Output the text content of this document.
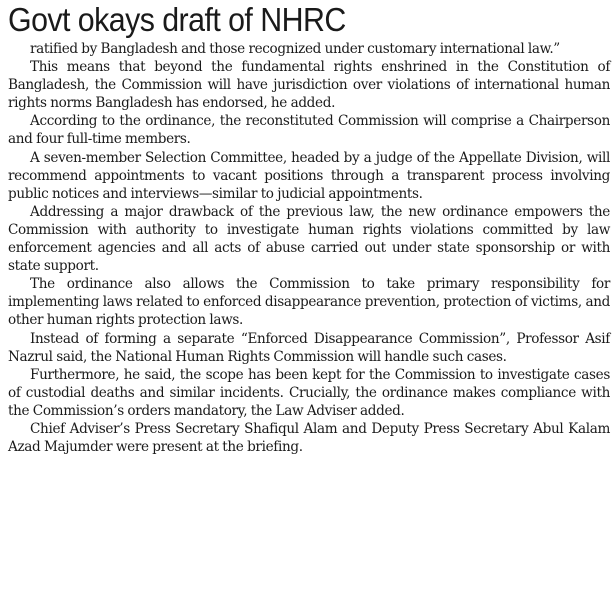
Govt okays draft of NHRC

ratified by Bangladesh and those recognized under customary international law.”

This means that beyond the fundamental rights enshrined in the Constitution of Bangladesh, the Commission will have jurisdiction over violations of international human rights norms Bangladesh has endorsed, he added.

According to the ordinance, the reconstituted Commission will comprise a Chairperson and four full-time members.

A seven-member Selection Committee, headed by a judge of the Appellate Division, will recommend appointments to vacant positions through a transparent process involving public notices and interviews—similar to judicial appointments.

Addressing a major drawback of the previous law, the new ordinance empowers the Commission with authority to investigate human rights violations committed by law enforcement agencies and all acts of abuse carried out under state sponsorship or with state support.

The ordinance also allows the Commission to take primary responsibility for implementing laws related to enforced disappearance prevention, protection of victims, and other human rights protection laws.

Instead of forming a separate “Enforced Disappearance Commission”, Professor Asif Nazrul said, the National Human Rights Commission will handle such cases.

Furthermore, he said, the scope has been kept for the Commission to investigate cases of custodial deaths and similar incidents. Crucially, the ordinance makes compliance with the Commission’s orders mandatory, the Law Adviser added.

Chief Adviser’s Press Secretary Shafiqul Alam and Deputy Press Secretary Abul Kalam Azad Majumder were present at the briefing.
